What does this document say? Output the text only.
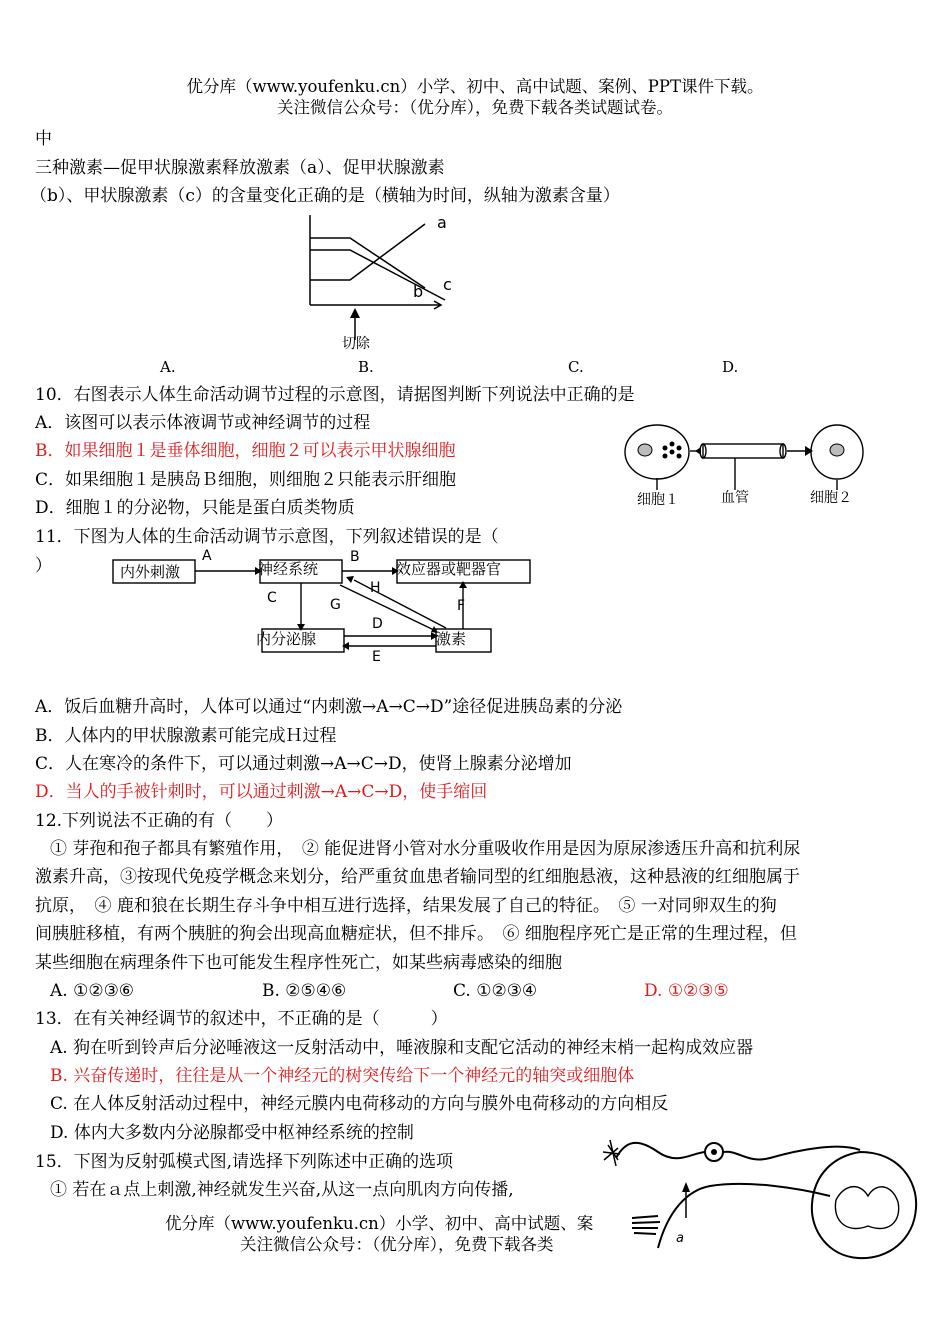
优分库（www.youfenku.cn）小学、初中、高中试题、案例、PPT课件下载。
关注微信公众号：（优分库），免费下载各类试题试卷。
中
三种激素—促甲状腺激素释放激素（a）、促甲状腺激素
（b）、甲状腺激素（c）的含量变化正确的是（横轴为时间，纵轴为激素含量）
a
b c
切除
A.	B.	C.	D.
10．右图表示人体生命活动调节过程的示意图，请据图判断下列说法中正确的是
A．该图可以表示体液调节或神经调节的过程
B．如果细胞１是垂体细胞，细胞２可以表示甲状腺细胞
C．如果细胞１是胰岛Ｂ细胞，则细胞２只能表示肝细胞
D．细胞１的分泌物，只能是蛋白质类物质	细胞１	血管	细胞２
11．下图为人体的生命活动调节示意图，下列叙述错误的是（
）	内外刺激	神经系统	效应器或靶器官
内分泌腺	激素
A	B
C
D
E
F
G
H
A．饭后血糖升高时，人体可以通过“内刺激→A→C→D”途径促进胰岛素的分泌
B．人体内的甲状腺激素可能完成Ｈ过程
C．人在寒冷的条件下，可以通过刺激→A→C→D，使肾上腺素分泌增加
D．当人的手被针刺时，可以通过刺激→A→C→D，使手缩回
12.下列说法不正确的有（　　）
① 芽孢和孢子都具有繁殖作用，　② 能促进肾小管对水分重吸收作用是因为原尿渗透压升高和抗利尿
激素升高，③按现代免疫学概念来划分，给严重贫血患者输同型的红细胞悬液，这种悬液的红细胞属于
抗原，　④ 鹿和狼在长期生存斗争中相互进行选择，结果发展了自己的特征。　⑤ 一对同卵双生的狗
间胰脏移植，有两个胰脏的狗会出现高血糖症状，但不排斥。　⑥ 细胞程序死亡是正常的生理过程，但
某些细胞在病理条件下也可能发生程序性死亡，如某些病毒感染的细胞
A. ①②③⑥	B. ②⑤④⑥	C. ①②③④	D. ①②③⑤
13．在有关神经调节的叙述中，不正确的是（　　　）
A. 狗在听到铃声后分泌唾液这一反射活动中，唾液腺和支配它活动的神经末梢一起构成效应器
B. 兴奋传递时，往往是从一个神经元的树突传给下一个神经元的轴突或细胞体
C. 在人体反射活动过程中，神经元膜内电荷移动的方向与膜外电荷移动的方向相反
D. 体内大多数内分泌腺都受中枢神经系统的控制
15．下图为反射弧模式图,请选择下列陈述中正确的选项
① 若在ａ点上刺激,神经就发生兴奋,从这一点向肌肉方向传播,
a
优分库（www.youfenku.cn）小学、初中、高中试题、案
关注微信公众号：（优分库），免费下载各类
